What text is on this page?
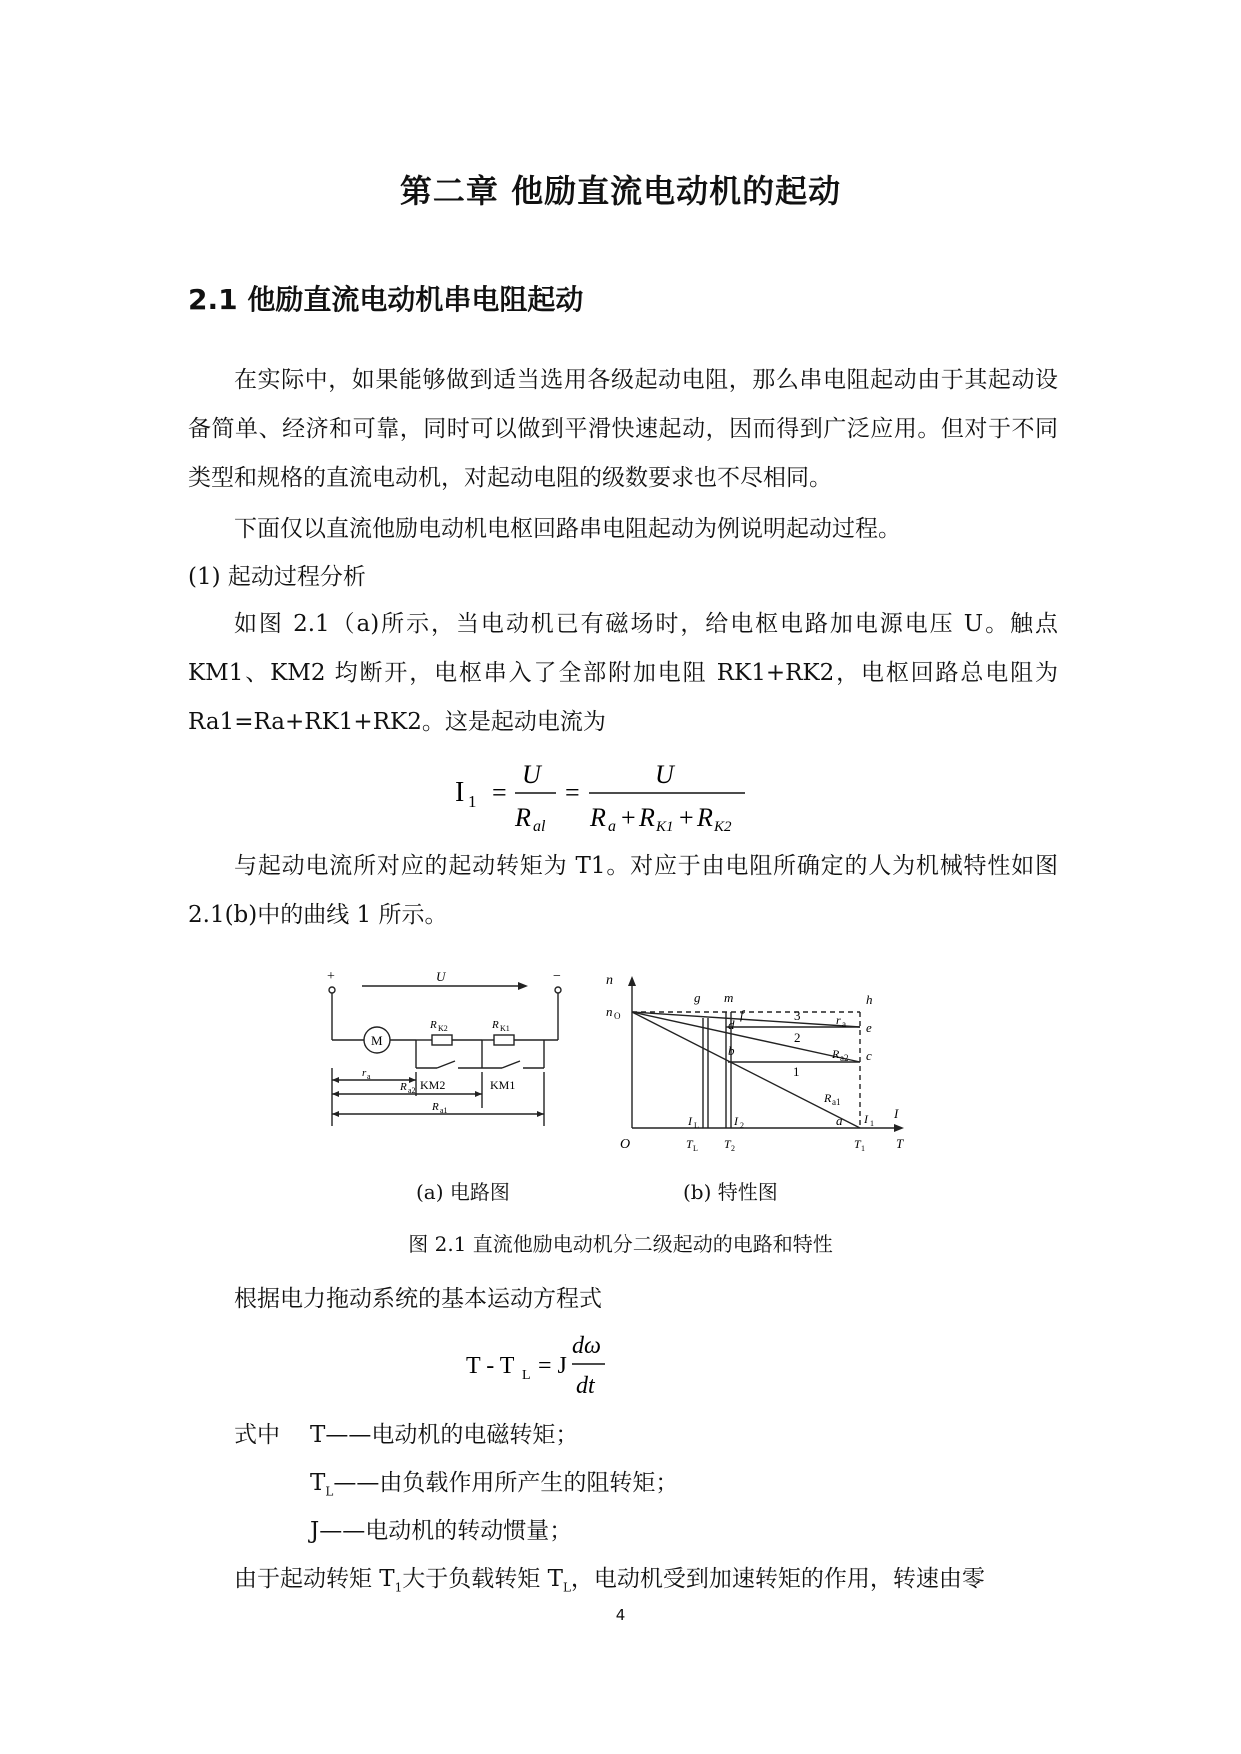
第二章 他励直流电动机的起动
2.1 他励直流电动机串电阻起动
在实际中，如果能够做到适当选用各级起动电阻，那么串电阻起动由于其起动设备简单、经济和可靠，同时可以做到平滑快速起动，因而得到广泛应用。但对于不同类型和规格的直流电动机，对起动电阻的级数要求也不尽相同。
下面仅以直流他励电动机电枢回路串电阻起动为例说明起动过程。
(1) 起动过程分析
如图 2.1（a)所示，当电动机已有磁场时，给电枢电路加电源电压 U。触点 KM1、KM2 均断开，电枢串入了全部附加电阻 RK1+RK2，电枢回路总电阻为 Ra1=Ra+RK1+RK2。这是起动电流为
I 1 =
U
R al
=
U
R a + R K1 + R K2
与起动电流所对应的起动转矩为 T1。对应于由电阻所确定的人为机械特性如图 2.1(b)中的曲线 1 所示。
+	−
U
M
R K2	R K1
KM2	KM1
r a
R a2
R a1
n
n O
O
g m	h
f
d	e
b	c
a
1
2
3	r a
R a2
R a1
I L	I 2	I 1
I
T L T 2	T 1 T
(a) 电路图	(b) 特性图
图 2.1 直流他励电动机分二级起动的电路和特性
根据电力拖动系统的基本运动方程式
T - T L = J
dω
dt
式中 T——电动机的电磁转矩；
$T_L——$由负载作用所产生的阻转矩；
J——电动机的转动惯量；
由于起动转矩 $T_1$大于负载转矩 $T_L$，电动机受到加速转矩的作用，转速由零
4
